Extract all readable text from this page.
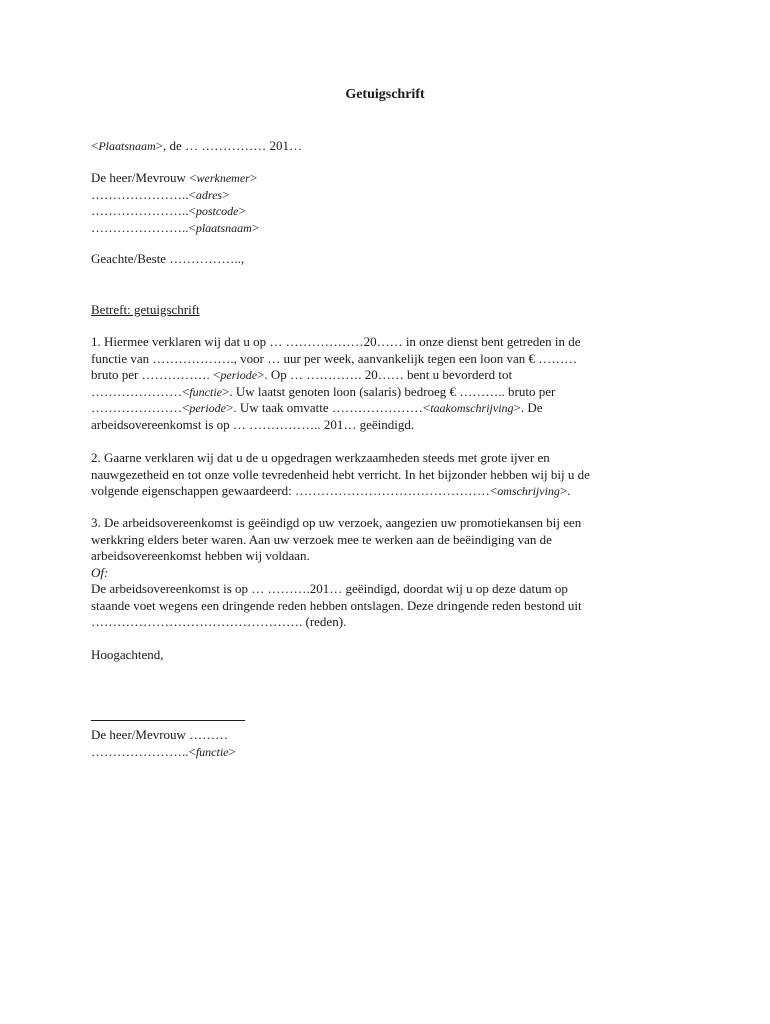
Getuigschrift
<Plaatsnaam>, de … …………… 201…
De heer/Mevrouw <werknemer>
…………………..<adres>
…………………..<postcode>
…………………..<plaatsnaam>
Geachte/Beste ……………..,
Betreft: getuigschrift
1. Hiermee verklaren wij dat u op … ………………20…… in onze dienst bent getreden in de
functie van ………………., voor … uur per week, aanvankelijk tegen een loon van € ………
bruto per ……………. <periode>. Op … …………. 20…… bent u bevorderd tot
…………………<functie>. Uw laatst genoten loon (salaris) bedroeg € ……….. bruto per
…………………<periode>. Uw taak omvatte …………………<taakomschrijving>. De
arbeidsovereenkomst is op … …………….. 201… geëindigd.
2. Gaarne verklaren wij dat u de u opgedragen werkzaamheden steeds met grote ijver en
nauwgezetheid en tot onze volle tevredenheid hebt verricht. In het bijzonder hebben wij bij u de
volgende eigenschappen gewaardeerd: ………………………………………<omschrijving>.
3. De arbeidsovereenkomst is geëindigd op uw verzoek, aangezien uw promotiekansen bij een
werkkring elders beter waren. Aan uw verzoek mee te werken aan de beëindiging van de
arbeidsovereenkomst hebben wij voldaan.
Of:
De arbeidsovereenkomst is op … ……….201… geëindigd, doordat wij u op deze datum op
staande voet wegens een dringende reden hebben ontslagen. Deze dringende reden bestond uit
…………………………………………. (reden).
Hoogachtend,
De heer/Mevrouw ………
…………………..<functie>
